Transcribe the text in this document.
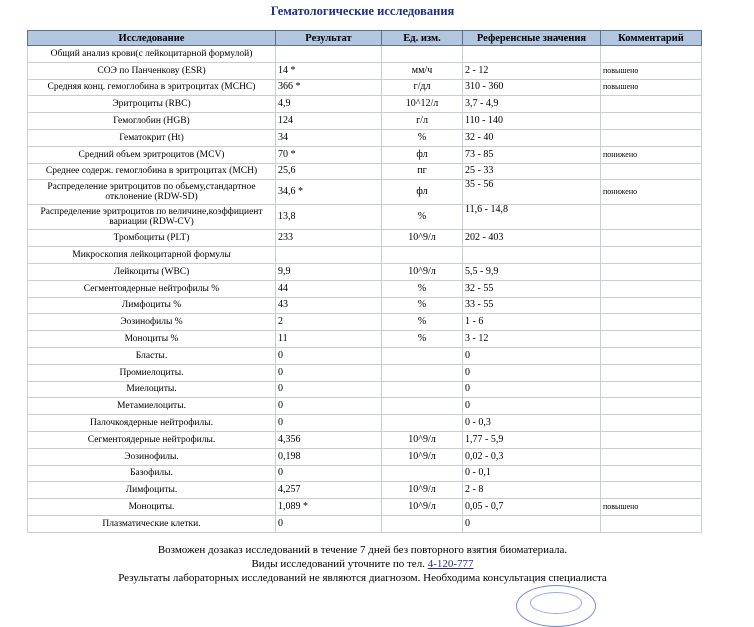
Гематологические исследования
Исследование	Результат	Ед. изм.	Референсные значения	Комментарий
Общий анализ крови(с лейкоцитарной формулой)				
СОЭ по Панченкову (ESR)	14 *	мм/ч	2 - 12	повышено
Средняя конц. гемоглобина в эритроцитах (MCHC)	366 *	г/дл	310 - 360	повышено
Эритроциты (RBC)	4,9	10^12/л	3,7 - 4,9	
Гемоглобин (HGB)	124	г/л	110 - 140	
Гематокрит (Ht)	34	%	32 - 40	
Средний объем эритроцитов (MCV)	70 *	фл	73 - 85	понижено
Среднее содерж. гемоглобина в эритроцитах (MCH)	25,6	пг	25 - 33	
Распределение эритроцитов по обьему,стандартное отклонение (RDW-SD)	34,6 *	фл	35 - 56	понижено
Распределение эритроцитов по величине,коэффициент вариации (RDW-CV)	13,8	%	11,6 - 14,8	
Тромбоциты (PLT)	233	10^9/л	202 - 403	
Микроскопия лейкоцитарной формулы				
Лейкоциты (WBC)	9,9	10^9/л	5,5 - 9,9	
Сегментоядерные нейтрофилы %	44	%	32 - 55	
Лимфоциты %	43	%	33 - 55	
Эозинофилы %	2	%	1 - 6	
Моноциты %	11	%	3 - 12	
Бласты.	0		0	
Промиелоциты.	0		0	
Миелоциты.	0		0	
Метамиелоциты.	0		0	
Палочкоядерные нейтрофилы.	0		0 - 0,3	
Сегментоядерные нейтрофилы.	4,356	10^9/л	1,77 - 5,9	
Эозинофилы.	0,198	10^9/л	0,02 - 0,3	
Базофилы.	0		0 - 0,1	
Лимфоциты.	4,257	10^9/л	2 - 8	
Моноциты.	1,089 *	10^9/л	0,05 - 0,7	повышено
Плазматические клетки.	0		0	
Возможен дозаказ исследований в течение 7 дней без повторного взятия биоматериала.
Виды исследований уточните по тел. 4-120-777
Результаты лабораторных исследований не являются диагнозом. Необходима консультация специалиста
